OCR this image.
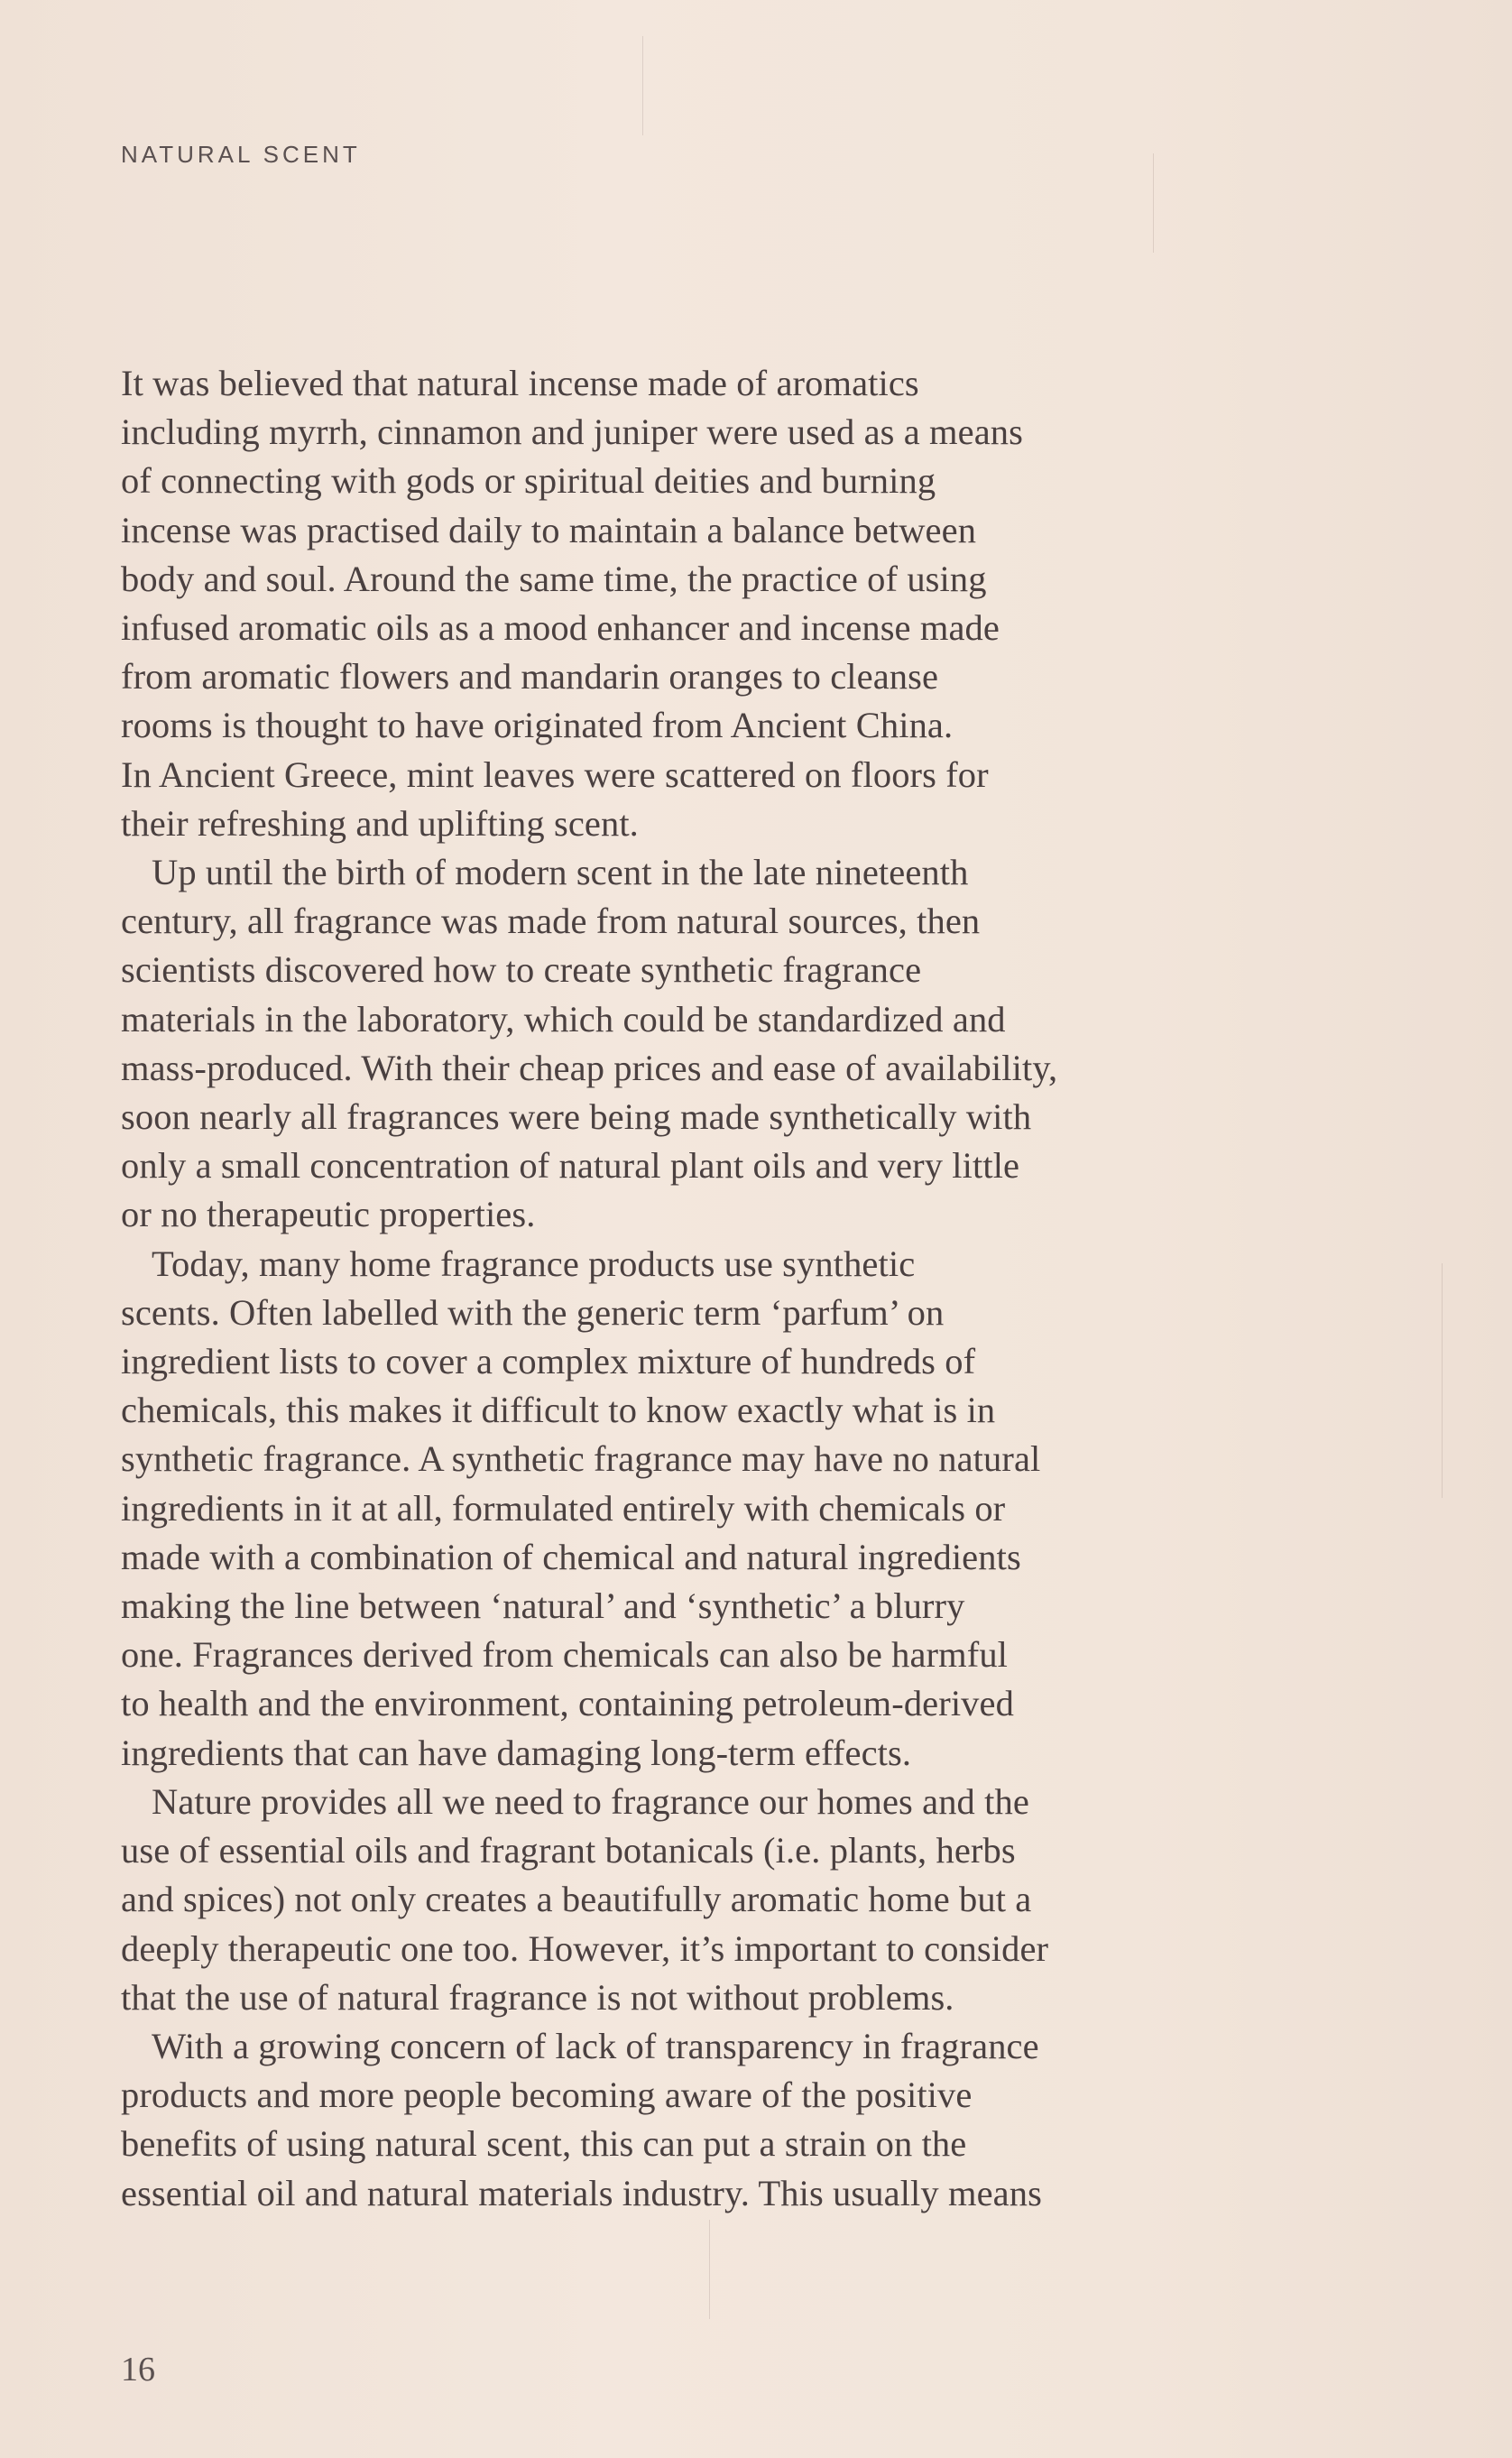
NATURAL SCENT
It was believed that natural incense made of aromatics
including myrrh, cinnamon and juniper were used as a means
of connecting with gods or spiritual deities and burning
incense was practised daily to maintain a balance between
body and soul. Around the same time, the practice of using
infused aromatic oils as a mood enhancer and incense made
from aromatic flowers and mandarin oranges to cleanse
rooms is thought to have originated from Ancient China.
In Ancient Greece, mint leaves were scattered on floors for
their refreshing and uplifting scent.
Up until the birth of modern scent in the late nineteenth
century, all fragrance was made from natural sources, then
scientists discovered how to create synthetic fragrance
materials in the laboratory, which could be standardized and
mass-produced. With their cheap prices and ease of availability,
soon nearly all fragrances were being made synthetically with
only a small concentration of natural plant oils and very little
or no therapeutic properties.
Today, many home fragrance products use synthetic
scents. Often labelled with the generic term ‘parfum’ on
ingredient lists to cover a complex mixture of hundreds of
chemicals, this makes it difficult to know exactly what is in
synthetic fragrance. A synthetic fragrance may have no natural
ingredients in it at all, formulated entirely with chemicals or
made with a combination of chemical and natural ingredients
making the line between ‘natural’ and ‘synthetic’ a blurry
one. Fragrances derived from chemicals can also be harmful
to health and the environment, containing petroleum-derived
ingredients that can have damaging long-term effects.
Nature provides all we need to fragrance our homes and the
use of essential oils and fragrant botanicals (i.e. plants, herbs
and spices) not only creates a beautifully aromatic home but a
deeply therapeutic one too. However, it’s important to consider
that the use of natural fragrance is not without problems.
With a growing concern of lack of transparency in fragrance
products and more people becoming aware of the positive
benefits of using natural scent, this can put a strain on the
essential oil and natural materials industry. This usually means
16
